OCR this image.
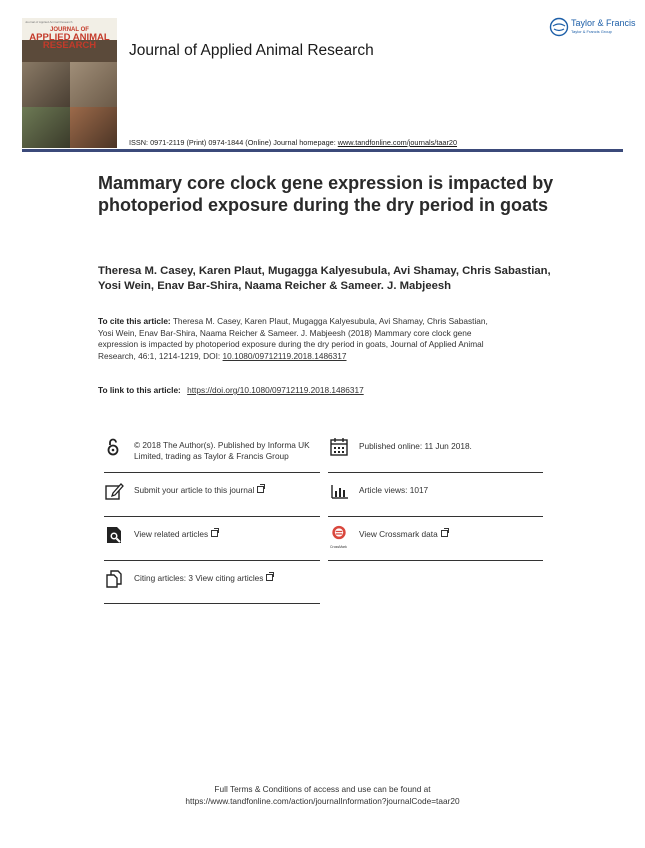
Journal of Applied Animal Research
JOURNAL OF
APPLIED ANIMAL
RESEARCH	Journal of Applied Animal Research
Taylor & Francis
Taylor & Francis Group
ISSN: 0971-2119 (Print) 0974-1844 (Online) Journal homepage: www.tandfonline.com/journals/taar20
Mammary core clock gene expression is impacted by photoperiod exposure during the dry period in goats
Theresa M. Casey, Karen Plaut, Mugagga Kalyesubula, Avi Shamay, Chris Sabastian, Yosi Wein, Enav Bar-Shira, Naama Reicher & Sameer. J. Mabjeesh
To cite this article: Theresa M. Casey, Karen Plaut, Mugagga Kalyesubula, Avi Shamay, Chris Sabastian, Yosi Wein, Enav Bar-Shira, Naama Reicher & Sameer. J. Mabjeesh (2018) Mammary core clock gene expression is impacted by photoperiod exposure during the dry period in goats, Journal of Applied Animal Research, 46:1, 1214-1219, DOI: 10.1080/09712119.2018.1486317
To link to this article: https://doi.org/10.1080/09712119.2018.1486317
© 2018 The Author(s). Published by Informa UK Limited, trading as Taylor & Francis Group
Published online: 11 Jun 2018.
Submit your article to this journal	Article views: 1017
View related articles
CrossMark
View Crossmark data
Citing articles: 3 View citing articles
Full Terms & Conditions of access and use can be found at
https://www.tandfonline.com/action/journalInformation?journalCode=taar20
